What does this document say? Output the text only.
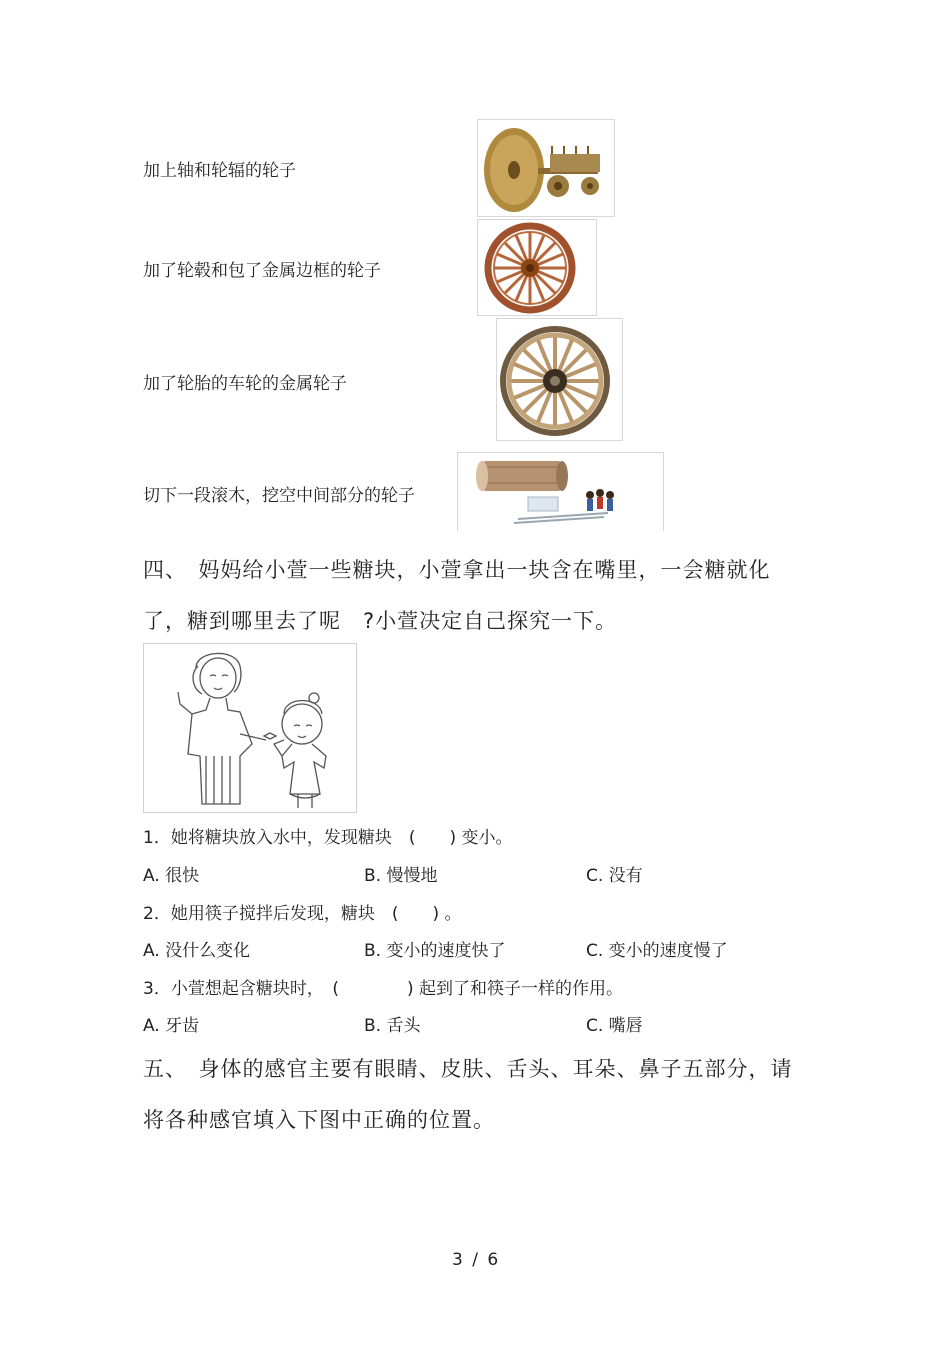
加上轴和轮辐的轮子
加了轮毂和包了金属边框的轮子
加了轮胎的车轮的金属轮子
切下一段滚木，挖空中间部分的轮子
四、　妈妈给小萱一些糖块，小萱拿出一块含在嘴里，一会糖就化
了，糖到哪里去了呢　?小萱决定自己探究一下。
1．她将糖块放入水中，发现糖块　(　　) 变小。
A. 很快	B. 慢慢地	C. 没有
2．她用筷子搅拌后发现，糖块　(　　) 。
A. 没什么变化	B. 变小的速度快了	C. 变小的速度慢了
3．小萱想起含糖块时，　(　　　　) 起到了和筷子一样的作用。
A. 牙齿	B. 舌头	C. 嘴唇
五、　身体的感官主要有眼睛、皮肤、舌头、耳朵、鼻子五部分，请
将各种感官填入下图中正确的位置。
3 / 6
